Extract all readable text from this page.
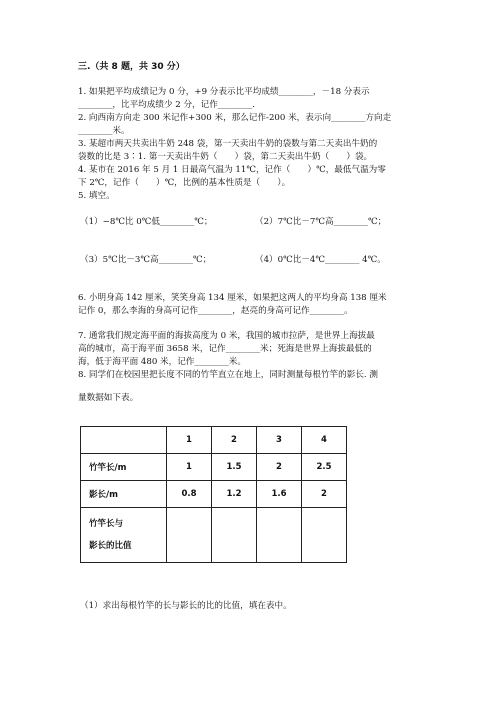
三.（共 8 题，共 30 分）
1. 如果把平均成绩记为 0 分，+9 分表示比平均成绩________，－18 分表示
________，比平均成绩少 2 分，记作________.
2. 向西南方向走 300 米记作+300 米，那么记作-200 米，表示向________方向走
________米。
3. 某超市两天共卖出牛奶 248 袋，第一天卖出牛奶的袋数与第二天卖出牛奶的
袋数的比是 3∶1. 第一天卖出牛奶（　　）袋，第二天卖出牛奶（　　）袋。
4. 某市在 2016 年 5 月 1 日最高气温为 11℃，记作（　　）℃，最低气温为零
下 2℃，记作（　　）℃，比例的基本性质是（　　）。
5. 填空。
（1）−8℃比 0℃低________℃；	（2）7℃比－7℃高________℃；
（3）5℃比－3℃高________℃；	（4）0℃比－4℃________ 4℃。
6. 小明身高 142 厘米，笑笑身高 134 厘米，如果把这两人的平均身高 138 厘米
记作 0，那么李海的身高可记作________，赵亮的身高可记作________。
7. 通常我们规定海平面的海拔高度为 0 米，我国的城市拉萨，是世界上海拔最
高的城市，高于海平面 3658 米，记作________米；死海是世界上海拔最低的
海，低于海平面 480 米，记作________米。
8. 同学们在校园里把长度不同的竹竿直立在地上，同时测量每根竹竿的影长. 测
量数据如下表。
	1	2	3	4
竹竿长/m	1	1.5	2	2.5
影长/m	0.8	1.2	1.6	2

竹竿长与
影长的比值				

（1）求出每根竹竿的长与影长的比的比值，填在表中。
